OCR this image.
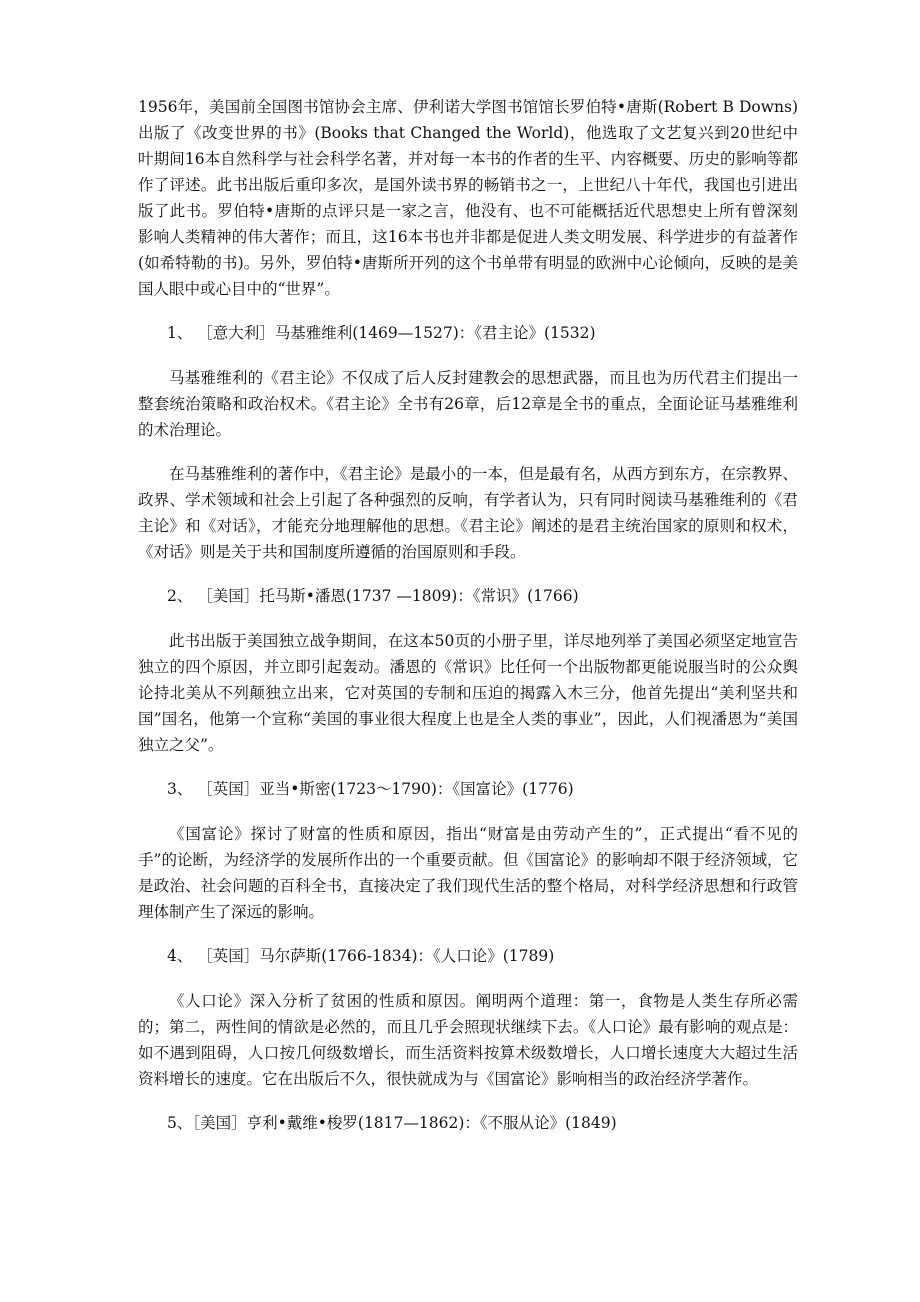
1956年，美国前全国图书馆协会主席、伊利诺大学图书馆馆长罗伯特•唐斯(Robert B Downs)出版了《改变世界的书》(Books that Changed the World)，他选取了文艺复兴到20世纪中叶期间16本自然科学与社会科学名著，并对每一本书的作者的生平、内容概要、历史的影响等都作了评述。此书出版后重印多次，是国外读书界的畅销书之一，上世纪八十年代，我国也引进出版了此书。罗伯特•唐斯的点评只是一家之言，他没有、也不可能概括近代思想史上所有曾深刻影响人类精神的伟大著作；而且，这16本书也并非都是促进人类文明发展、科学进步的有益著作(如希特勒的书)。另外，罗伯特•唐斯所开列的这个书单带有明显的欧洲中心论倾向，反映的是美国人眼中或心目中的“世界”。

1、 ［意大利］马基雅维利(1469—1527)：《君主论》(1532)

马基雅维利的《君主论》不仅成了后人反封建教会的思想武器，而且也为历代君主们提出一整套统治策略和政治权术。《君主论》全书有26章，后12章是全书的重点，全面论证马基雅维利的术治理论。

在马基雅维利的著作中，《君主论》是最小的一本，但是最有名，从西方到东方，在宗教界、政界、学术领域和社会上引起了各种强烈的反响，有学者认为，只有同时阅读马基雅维利的《君主论》和《对话》，才能充分地理解他的思想。《君主论》阐述的是君主统治国家的原则和权术，《对话》则是关于共和国制度所遵循的治国原则和手段。

2、 ［美国］托马斯•潘恩(1737 —1809)：《常识》(1766)

此书出版于美国独立战争期间，在这本50页的小册子里，详尽地列举了美国必须坚定地宣告独立的四个原因，并立即引起轰动。潘恩的《常识》比任何一个出版物都更能说服当时的公众舆论持北美从不列颠独立出来，它对英国的专制和压迫的揭露入木三分，他首先提出“美利坚共和国”国名，他第一个宣称“美国的事业很大程度上也是全人类的事业”，因此，人们视潘恩为“美国独立之父”。

3、 ［英国］亚当•斯密(1723～1790)：《国富论》(1776)

《国富论》探讨了财富的性质和原因，指出“财富是由劳动产生的”，正式提出“看不见的手”的论断，为经济学的发展所作出的一个重要贡献。但《国富论》的影响却不限于经济领域，它是政治、社会问题的百科全书，直接决定了我们现代生活的整个格局，对科学经济思想和行政管理体制产生了深远的影响。

4、 ［英国］马尔萨斯(1766-1834)：《人口论》(1789)

《人口论》深入分析了贫困的性质和原因。阐明两个道理：第一，食物是人类生存所必需的；第二，两性间的情欲是必然的，而且几乎会照现状继续下去。《人口论》最有影响的观点是：如不遇到阻碍，人口按几何级数增长，而生活资料按算术级数增长，人口增长速度大大超过生活资料增长的速度。它在出版后不久，很快就成为与《国富论》影响相当的政治经济学著作。

5、［美国］亨利•戴维•梭罗(1817—1862)：《不服从论》(1849)
